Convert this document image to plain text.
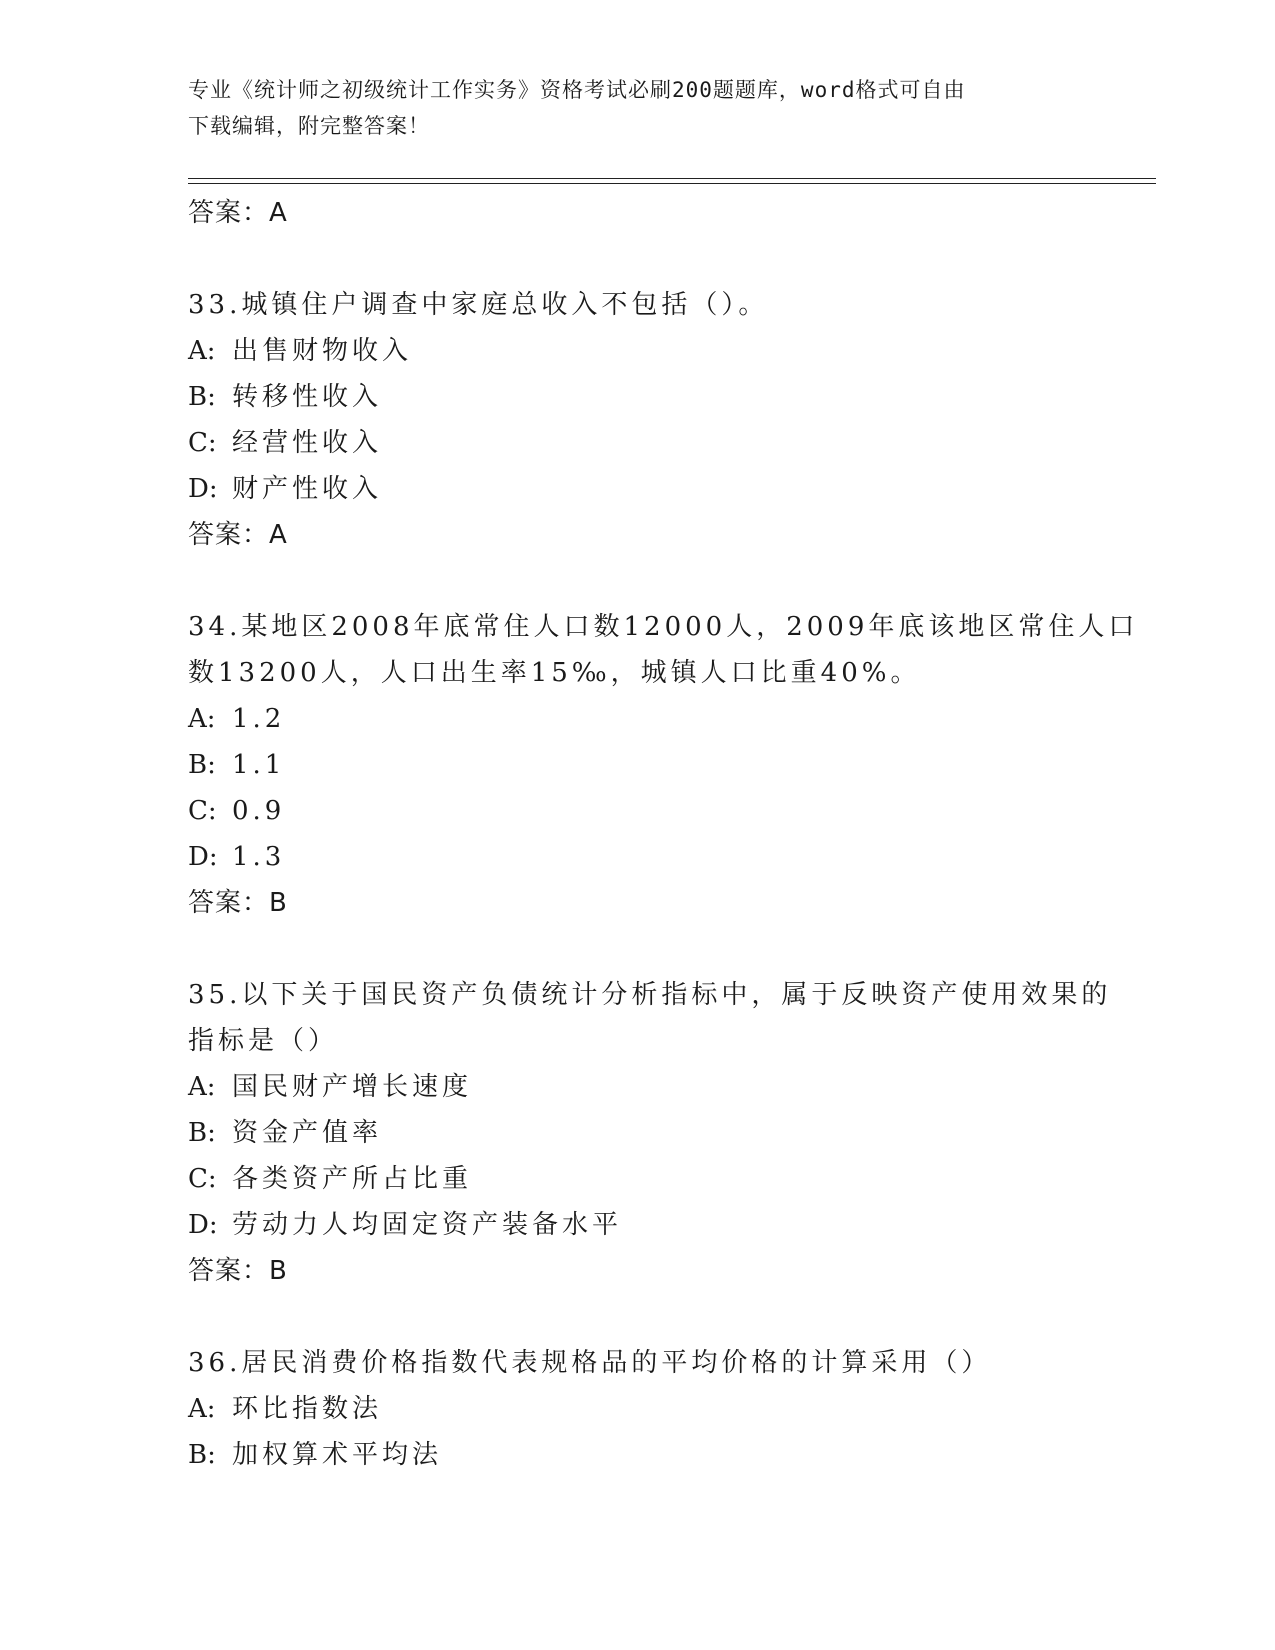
专业《统计师之初级统计工作实务》资格考试必刷200题题库，word格式可自由
下载编辑，附完整答案！
答案：A
33.城镇住户调查中家庭总收入不包括（）。
A: 出售财物收入
B: 转移性收入
C: 经营性收入
D: 财产性收入
答案：A
34.某地区2008年底常住人口数12000人，2009年底该地区常住人口
数13200人，人口出生率15‰，城镇人口比重40%。
A: 1.2
B: 1.1
C: 0.9
D: 1.3
答案：B
35.以下关于国民资产负债统计分析指标中，属于反映资产使用效果的
指标是（）
A: 国民财产增长速度
B: 资金产值率
C: 各类资产所占比重
D: 劳动力人均固定资产装备水平
答案：B
36.居民消费价格指数代表规格品的平均价格的计算采用（）
A: 环比指数法
B: 加权算术平均法
